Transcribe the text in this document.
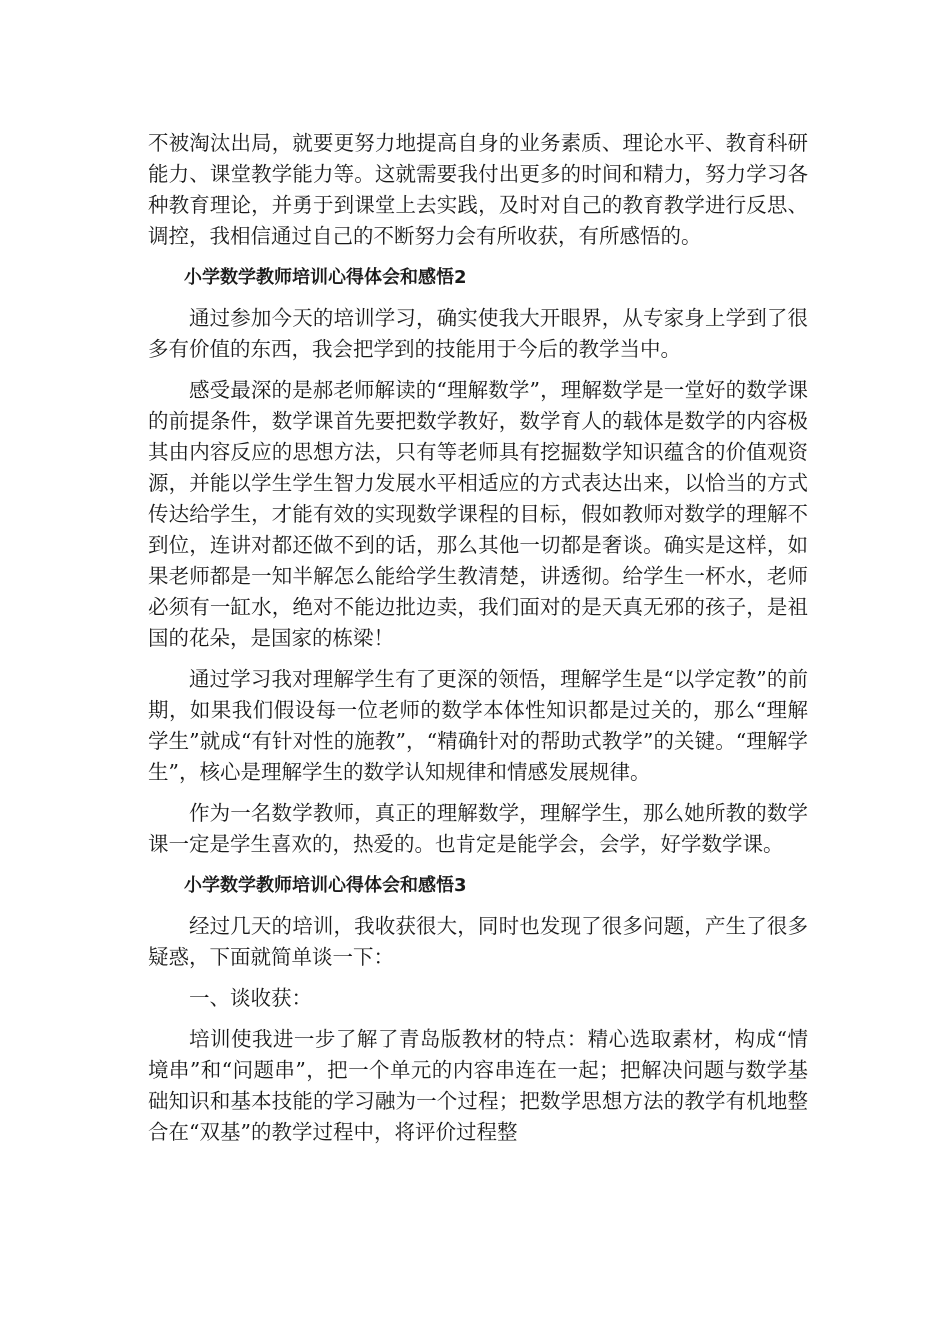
不被淘汰出局，就要更努力地提高自身的业务素质、理论水平、教育科研能力、课堂教学能力等。这就需要我付出更多的时间和精力，努力学习各种教育理论，并勇于到课堂上去实践，及时对自己的教育教学进行反思、调控，我相信通过自己的不断努力会有所收获，有所感悟的。

小学数学教师培训心得体会和感悟2

通过参加今天的培训学习，确实使我大开眼界，从专家身上学到了很多有价值的东西，我会把学到的技能用于今后的教学当中。

感受最深的是郝老师解读的“理解数学”，理解数学是一堂好的数学课的前提条件，数学课首先要把数学教好，数学育人的载体是数学的内容极其由内容反应的思想方法，只有等老师具有挖掘数学知识蕴含的价值观资源，并能以学生学生智力发展水平相适应的方式表达出来，以恰当的方式传达给学生，才能有效的实现数学课程的目标，假如教师对数学的理解不到位，连讲对都还做不到的话，那么其他一切都是奢谈。确实是这样，如果老师都是一知半解怎么能给学生教清楚，讲透彻。给学生一杯水，老师必须有一缸水，绝对不能边批边卖，我们面对的是天真无邪的孩子，是祖国的花朵，是国家的栋梁！

通过学习我对理解学生有了更深的领悟，理解学生是“以学定教”的前期，如果我们假设每一位老师的数学本体性知识都是过关的，那么“理解学生”就成“有针对性的施教”，“精确针对的帮助式教学”的关键。“理解学生”，核心是理解学生的数学认知规律和情感发展规律。

作为一名数学教师，真正的理解数学，理解学生，那么她所教的数学课一定是学生喜欢的，热爱的。也肯定是能学会，会学，好学数学课。

小学数学教师培训心得体会和感悟3

经过几天的培训，我收获很大，同时也发现了很多问题，产生了很多疑惑，下面就简单谈一下：

一、谈收获：

培训使我进一步了解了青岛版教材的特点：精心选取素材，构成“情境串”和“问题串”，把一个单元的内容串连在一起；把解决问题与数学基础知识和基本技能的学习融为一个过程；把数学思想方法的教学有机地整合在“双基”的教学过程中，将评价过程整
